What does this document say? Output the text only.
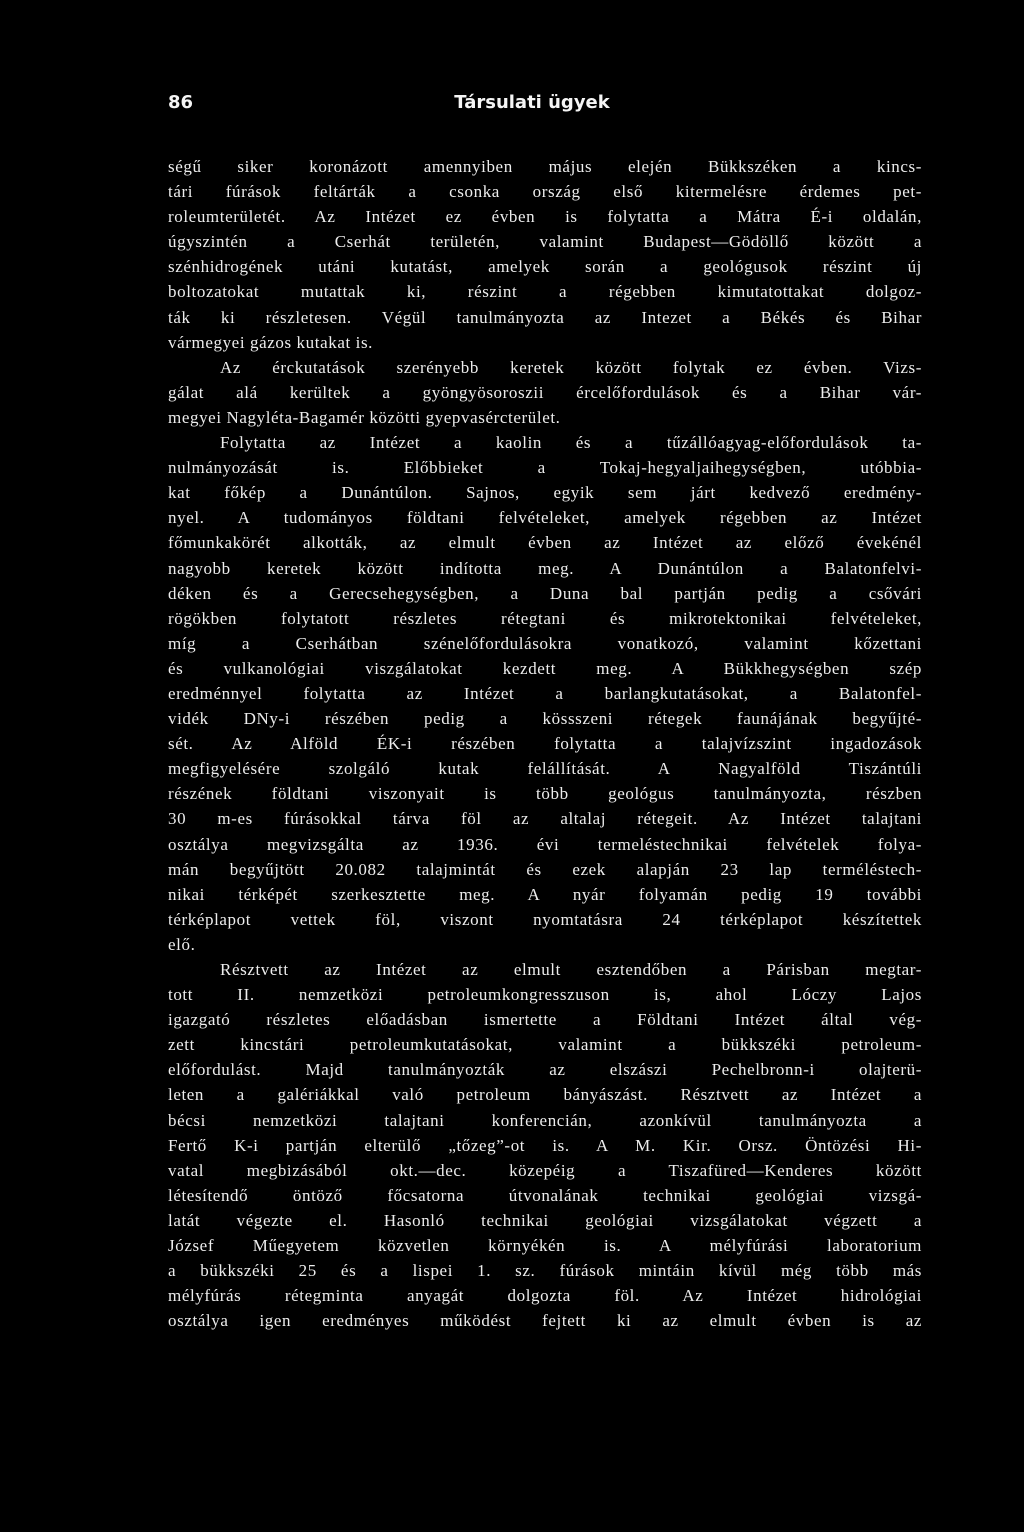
86	Társulati ügyek
ségű siker koronázott amennyiben május elején Bükkszéken a kincs-
tári fúrások feltárták a csonka ország első kitermelésre érdemes pet-
roleumterületét. Az Intézet ez évben is folytatta a Mátra É-i oldalán,
úgyszintén a Cserhát területén, valamint Budapest—Gödöllő között a
szénhidrogének utáni kutatást, amelyek során a geológusok részint új
boltozatokat mutattak ki, részint a régebben kimutatottakat dolgoz-
ták ki részletesen. Végül tanulmányozta az Intezet a Békés és Bihar
vármegyei gázos kutakat is.
Az érckutatások szerényebb keretek között folytak ez évben. Vizs-
gálat alá kerültek a gyöngyösoroszii ércelőfordulások és a Bihar vár-
megyei Nagyléta-Bagamér közötti gyepvasércterület.
Folytatta az Intézet a kaolin és a tűzállóagyag-előfordulások ta-
nulmányozását is. Előbbieket a Tokaj-hegyaljaihegységben, utóbbia-
kat főkép a Dunántúlon. Sajnos, egyik sem járt kedvező eredmény-
nyel. A tudományos földtani felvételeket, amelyek régebben az Intézet
főmunkakörét alkották, az elmult évben az Intézet az előző évekénél
nagyobb keretek között indította meg. A Dunántúlon a Balatonfelvi-
déken és a Gerecsehegységben, a Duna bal partján pedig a csővári
rögökben folytatott részletes rétegtani és mikrotektonikai felvételeket,
míg a Cserhátban szénelőfordulásokra vonatkozó, valamint kőzettani
és vulkanológiai viszgálatokat kezdett meg. A Bükkhegységben szép
eredménnyel folytatta az Intézet a barlangkutatásokat, a Balatonfel-
vidék DNy-i részében pedig a kössszeni rétegek faunájának begyűjté-
sét. Az Alföld ÉK-i részében folytatta a talajvízszint ingadozások
megfigyelésére szolgáló kutak felállítását. A Nagyalföld Tiszántúli
részének földtani viszonyait is több geológus tanulmányozta, részben
30 m-es fúrásokkal tárva föl az altalaj rétegeit. Az Intézet talajtani
osztálya megvizsgálta az 1936. évi termeléstechnikai felvételek folya-
mán begyűjtött 20.082 talajmintát és ezek alapján 23 lap terméléstech-
nikai térképét szerkesztette meg. A nyár folyamán pedig 19 további
térképlapot vettek föl, viszont nyomtatásra 24 térképlapot készítettek
elő.
Résztvett az Intézet az elmult esztendőben a Párisban megtar-
tott II. nemzetközi petroleumkongresszuson is, ahol Lóczy Lajos
igazgató részletes előadásban ismertette a Földtani Intézet által vég-
zett kincstári petroleumkutatásokat, valamint a bükkszéki petroleum-
előfordulást. Majd tanulmányozták az elszászi Pechelbronn-i olajterü-
leten a galériákkal való petroleum bányászást. Résztvett az Intézet a
bécsi nemzetközi talajtani konferencián, azonkívül tanulmányozta a
Fertő K-i partján elterülő „tőzeg”-ot is. A M. Kir. Orsz. Öntözési Hi-
vatal megbizásából okt.—dec. közepéig a Tiszafüred—Kenderes között
létesítendő öntöző főcsatorna útvonalának technikai geológiai vizsgá-
latát végezte el. Hasonló technikai geológiai vizsgálatokat végzett a
József Műegyetem közvetlen környékén is. A mélyfúrási laboratorium
a bükkszéki 25 és a lispei 1. sz. fúrások mintáin kívül még több más
mélyfúrás rétegminta anyagát dolgozta föl. Az Intézet hidrológiai
osztálya igen eredményes működést fejtett ki az elmult évben is az
